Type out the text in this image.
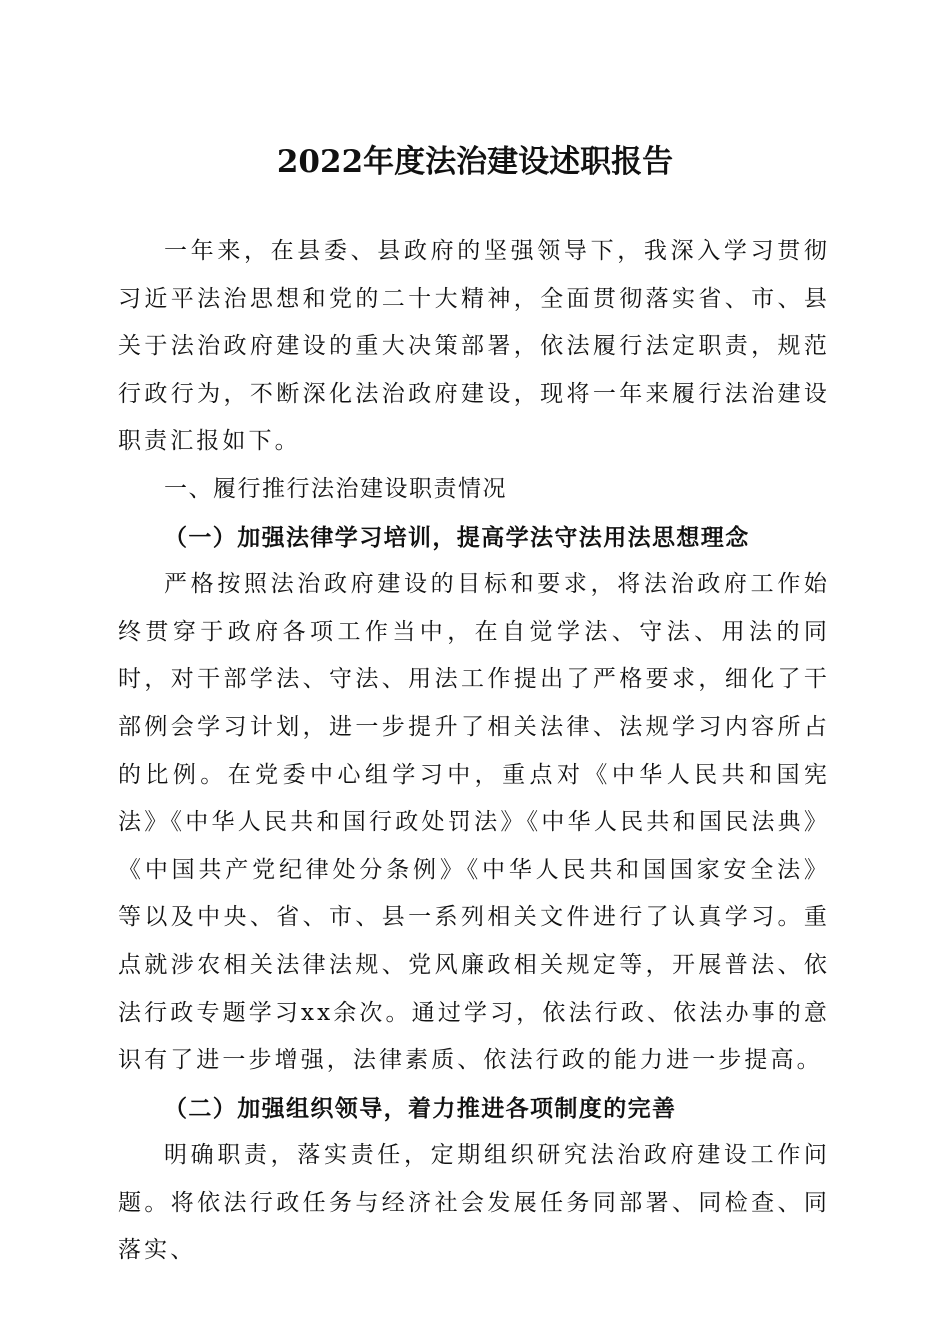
2022年度法治建设述职报告

一年来，在县委、县政府的坚强领导下，我深入学习贯彻习近平法治思想和党的二十大精神，全面贯彻落实省、市、县关于法治政府建设的重大决策部署，依法履行法定职责，规范行政行为，不断深化法治政府建设，现将一年来履行法治建设职责汇报如下。

一、履行推行法治建设职责情况

（一）加强法律学习培训，提高学法守法用法思想理念

严格按照法治政府建设的目标和要求，将法治政府工作始终贯穿于政府各项工作当中，在自觉学法、守法、用法的同时，对干部学法、守法、用法工作提出了严格要求，细化了干部例会学习计划，进一步提升了相关法律、法规学习内容所占的比例。在党委中心组学习中，重点对《中华人民共和国宪法》《中华人民共和国行政处罚法》《中华人民共和国民法典》《中国共产党纪律处分条例》《中华人民共和国国家安全法》等以及中央、省、市、县一系列相关文件进行了认真学习。重点就涉农相关法律法规、党风廉政相关规定等，开展普法、依法行政专题学习xx余次。通过学习，依法行政、依法办事的意识有了进一步增强，法律素质、依法行政的能力进一步提高。

（二）加强组织领导，着力推进各项制度的完善

明确职责，落实责任，定期组织研究法治政府建设工作问题。将依法行政任务与经济社会发展任务同部署、同检查、同落实、
